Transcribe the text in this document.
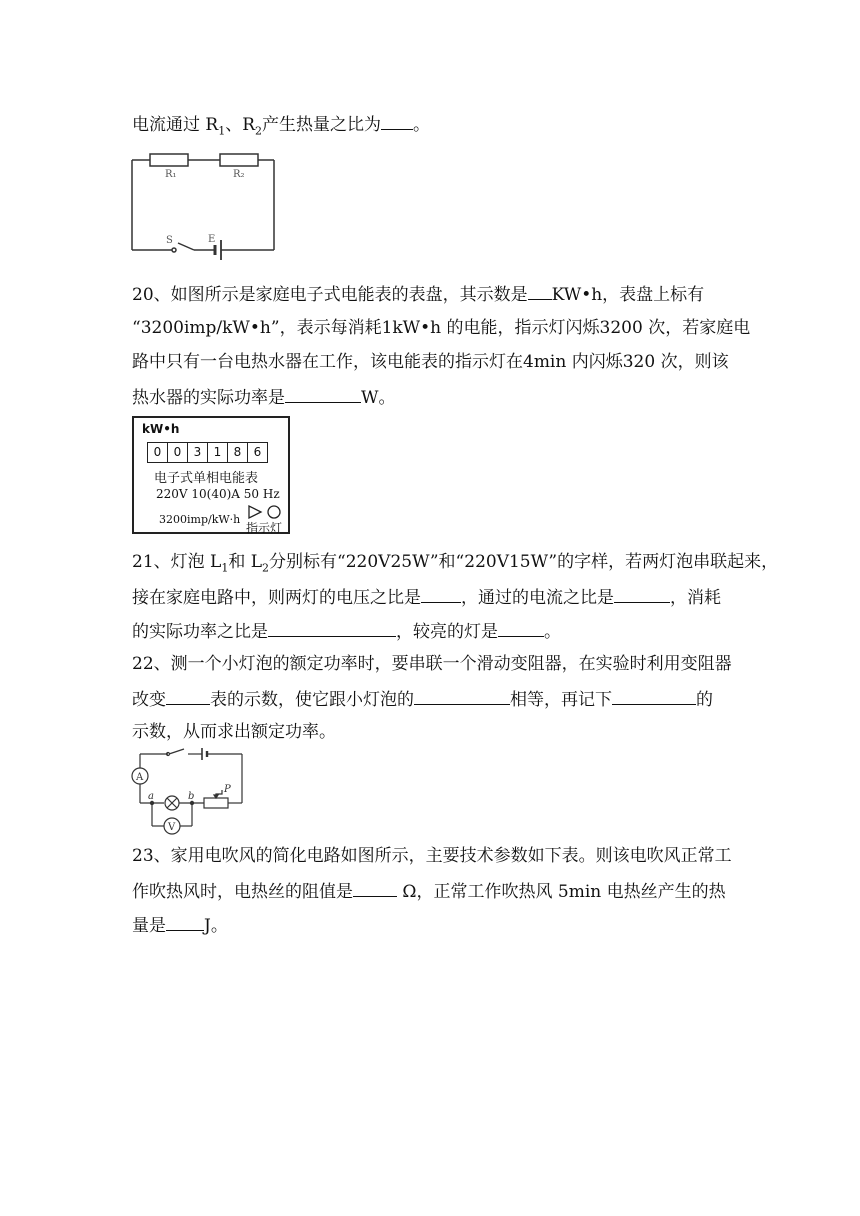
电流通过 $R_1$、$R_2$产生热量之比为 。
R₁	R₂
S	E
20、如图所示是家庭电子式电能表的表盘，其示数是 KW•h，表盘上标有
“3200imp/kW•h”，表示每消耗1kW•h 的电能，指示灯闪烁3200 次，若家庭电
路中只有一台电热水器在工作，该电能表的指示灯在4min 内闪烁320 次，则该
热水器的实际功率是	W。
kW•h
0	0	3	1	8	6
电子式单相电能表
220V 10(40)A 50 Hz
3200imp/kW·h
指示灯
21、灯泡 $L_1$和 $L_2$分别标有“220V25W”和“220V15W”的字样，若两灯泡串联起来，
接在家庭电路中，则两灯的电压之比是 ，通过的电流之比是	，消耗
的实际功率之比是	，较亮的灯是	。
22、测一个小灯泡的额定功率时，要串联一个滑动变阻器，在实验时利用变阻器
改变	表的示数，使它跟小灯泡的	相等，再记下	的
示数，从而求出额定功率。
A
V
a	b
P
23、家用电吹风的简化电路如图所示，主要技术参数如下表。则该电吹风正常工
作吹热风时，电热丝的阻值是	Ω，正常工作吹热风 5min 电热丝产生的热
量是 J。
